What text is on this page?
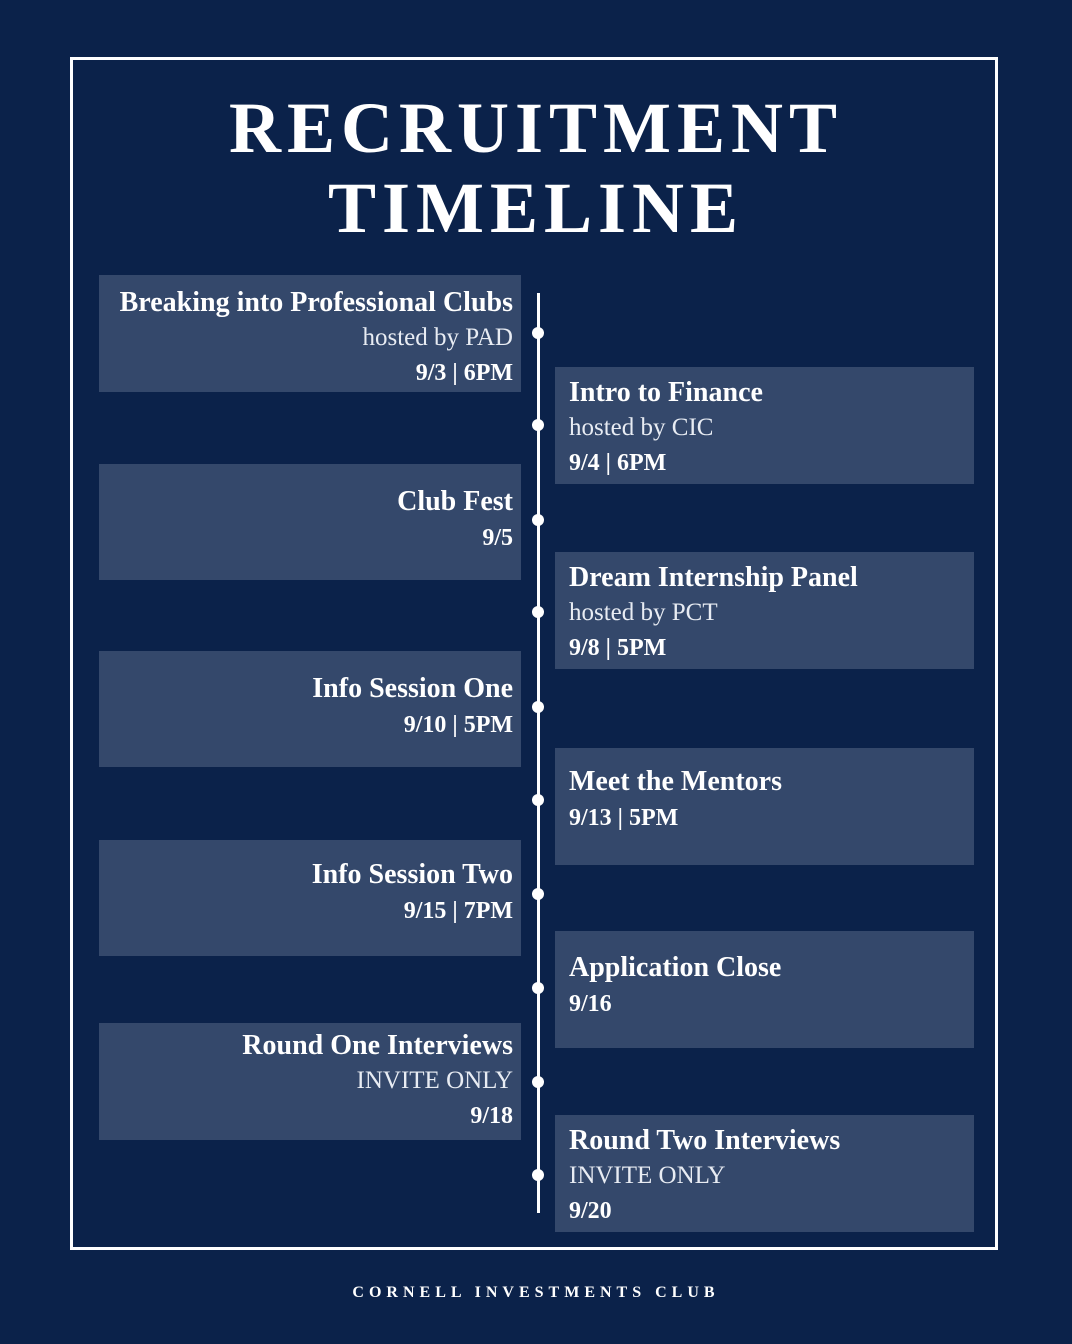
RECRUITMENT
TIMELINE
Breaking into Professional Clubs
hosted by PAD
9/3 | 6PM
Intro to Finance
hosted by CIC
9/4 | 6PM
Club Fest
9/5
Dream Internship Panel
hosted by PCT
9/8 | 5PM
Info Session One
9/10 | 5PM
Meet the Mentors
9/13 | 5PM
Info Session Two
9/15 | 7PM
Application Close
9/16
Round One Interviews
INVITE ONLY
9/18
Round Two Interviews
INVITE ONLY
9/20
CORNELL INVESTMENTS CLUB
